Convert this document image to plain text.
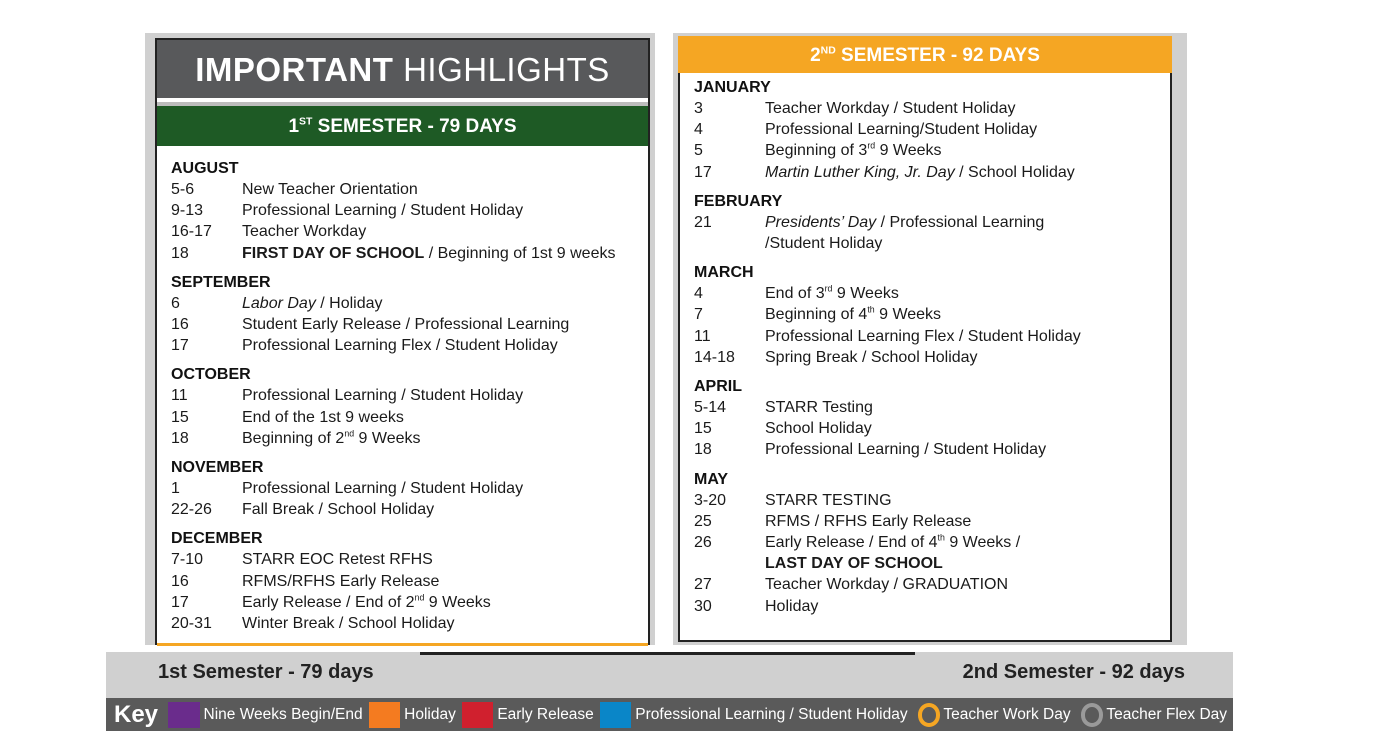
IMPORTANT HIGHLIGHTS
1ST SEMESTER - 79 DAYS
AUGUST
5-6	New Teacher Orientation
9-13	Professional Learning / Student Holiday
16-17	Teacher Workday
18	FIRST DAY OF SCHOOL / Beginning of 1st 9 weeks
SEPTEMBER
6	Labor Day / Holiday
16	Student Early Release / Professional Learning
17	Professional Learning Flex / Student Holiday
OCTOBER
11	Professional Learning / Student Holiday
15	End of the 1st 9 weeks
18	Beginning of 2nd 9 Weeks
NOVEMBER
1	Professional Learning / Student Holiday
22-26	Fall Break / School Holiday
DECEMBER
7-10	STARR EOC Retest RFHS
16	RFMS/RFHS Early Release
17	Early Release / End of 2nd 9 Weeks
20-31	Winter Break / School Holiday
2ND SEMESTER - 92 DAYS
JANUARY
3	Teacher Workday / Student Holiday
4	Professional Learning/Student Holiday
5	Beginning of 3rd 9 Weeks
17	Martin Luther King, Jr. Day / School Holiday
FEBRUARY
21	Presidents’ Day / Professional Learning
/Student Holiday
MARCH
4	End of 3rd 9 Weeks
7	Beginning of 4th 9 Weeks
11	Professional Learning Flex / Student Holiday
14-18	Spring Break / School Holiday
APRIL
5-14	STARR Testing
15	School Holiday
18	Professional Learning / Student Holiday
MAY
3-20	STARR TESTING
25	RFMS / RFHS Early Release
26	Early Release / End of 4th 9 Weeks /
LAST DAY OF SCHOOL
27	Teacher Workday / GRADUATION
30	Holiday
1st Semester - 79 days	2nd Semester - 92 days
Key	Nine Weeks Begin/End	Holiday	Early Release	Professional Learning / Student Holiday Teacher Work Day Teacher Flex Day
